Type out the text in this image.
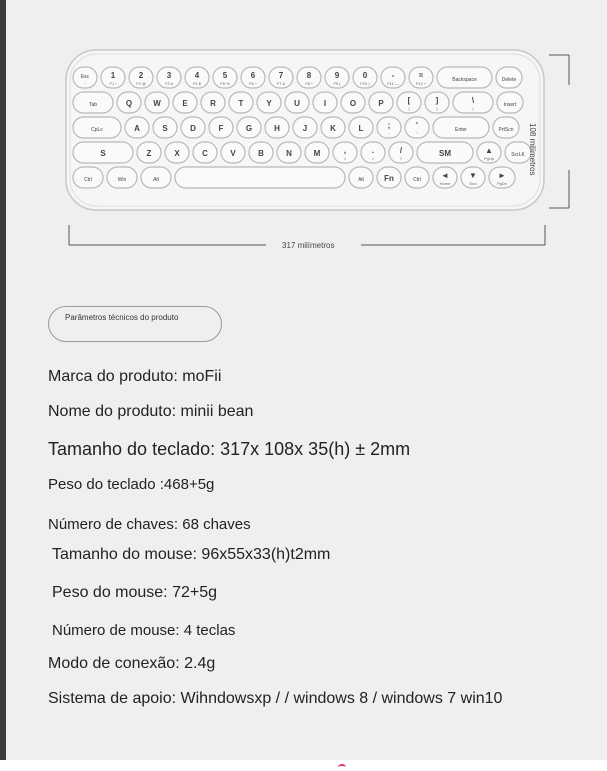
Esc
~
1
F1 !
2
F2 @
3
F3 #
4
F4 $
5
F5 %
6
F6 ^
7
F7 &
8
F8 *
9
F9 (
0
F10 )
-
F11 —
=
F12 +
Backspace	Delete
Tab	Q	W	E	R	T	Y	U	I	O	P	[
{
]
}
\
|
Insert
CpLc	A	S	D	F	G	H	J	K	L	;
:
'
"
Enter	PrtScn
S	Z	X	C	V	B	N	M	,
<
.
>
/
?
SM	▲
PgUp
ScrLK
Ctrl	Win	Alt	Alt	Fn	Ctrl	◄
Home
▼
End
►
PgDn
317 milímetros
108 milímetros
Parâmetros técnicos do produto
Marca do produto: moFii
Nome do produto: minii bean
Tamanho do teclado: 317x 108x 35(h) ± 2mm
Peso do teclado :468+5g
Número de chaves: 68 chaves
Tamanho do mouse: 96x55x33(h)t2mm
Peso do mouse: 72+5g
Número de mouse: 4 teclas
Modo de conexão: 2.4g
Sistema de apoio: Wihndowsxp / / windows 8 / windows 7 win10
